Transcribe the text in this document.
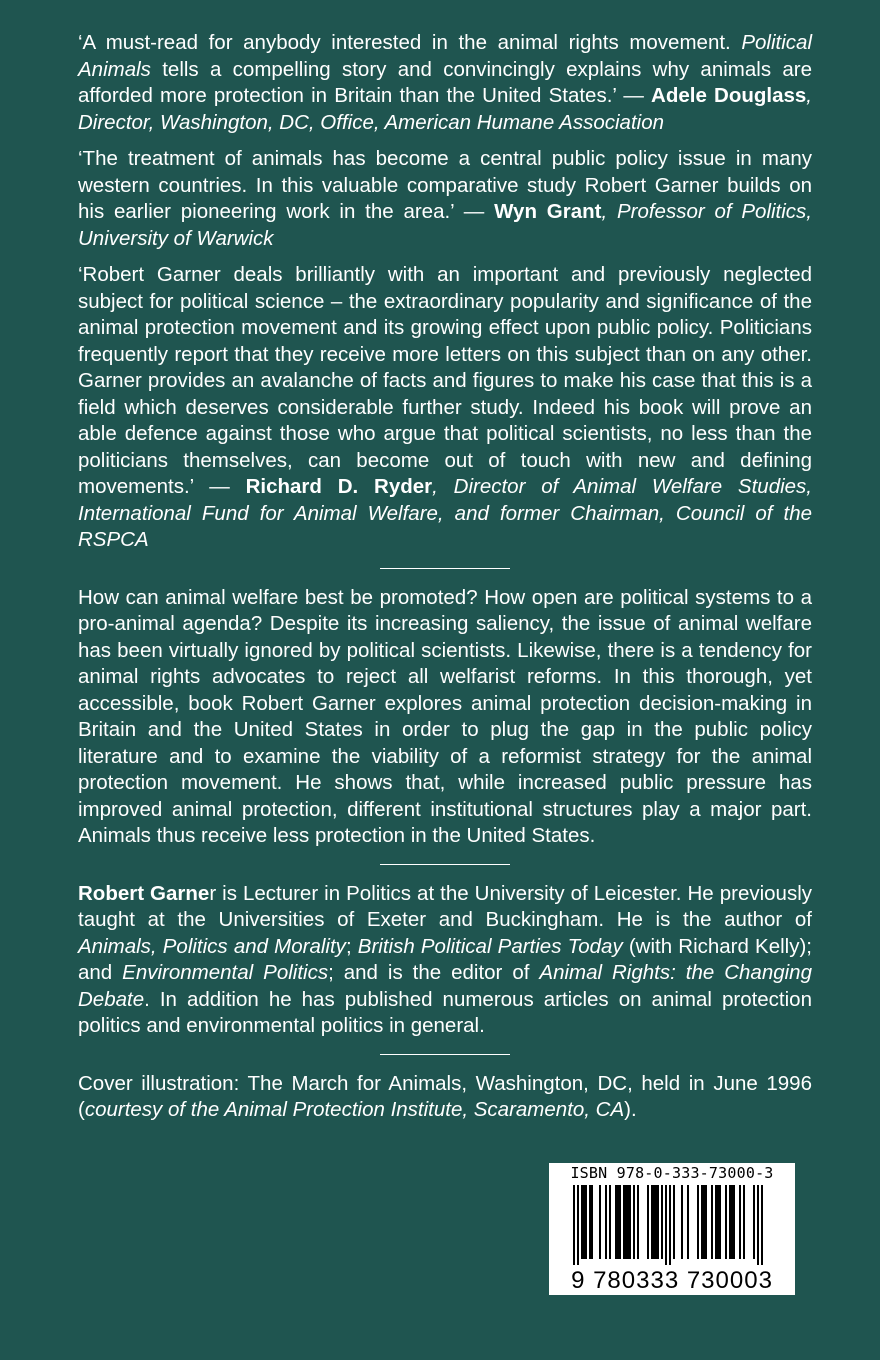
‘A must-read for anybody interested in the animal rights movement. Political Animals tells a compelling story and convincingly explains why animals are afforded more protection in Britain than the United States.’ — Adele Douglass, Director, Washington, DC, Office, American Humane Association

‘The treatment of animals has become a central public policy issue in many western countries. In this valuable comparative study Robert Garner builds on his earlier pioneering work in the area.’ — Wyn Grant, Professor of Politics, University of Warwick

‘Robert Garner deals brilliantly with an important and previously neglected subject for political science – the extraordinary popularity and significance of the animal protection movement and its growing effect upon public policy. Politicians frequently report that they receive more letters on this subject than on any other. Garner provides an avalanche of facts and figures to make his case that this is a field which deserves considerable further study. Indeed his book will prove an able defence against those who argue that political scientists, no less than the politicians themselves, can become out of touch with new and defining movements.’ — Richard D. Ryder, Director of Animal Welfare Studies, International Fund for Animal Welfare, and former Chairman, Council of the RSPCA

How can animal welfare best be promoted? How open are political systems to a pro-animal agenda? Despite its increasing saliency, the issue of animal welfare has been virtually ignored by political scientists. Likewise, there is a tendency for animal rights advocates to reject all welfarist reforms. In this thorough, yet accessible, book Robert Garner explores animal protection decision-making in Britain and the United States in order to plug the gap in the public policy literature and to examine the viability of a reformist strategy for the animal protection movement. He shows that, while increased public pressure has improved animal protection, different institutional structures play a major part. Animals thus receive less protection in the United States.

Robert Garner is Lecturer in Politics at the University of Leicester. He previously taught at the Universities of Exeter and Buckingham. He is the author of Animals, Politics and Morality; British Political Parties Today (with Richard Kelly); and Environmental Politics; and is the editor of Animal Rights: the Changing Debate. In addition he has published numerous articles on animal protection politics and environmental politics in general.

Cover illustration: The March for Animals, Washington, DC, held in June 1996 (courtesy of the Animal Protection Institute, Scaramento, CA).

ISBN 978-0-333-73000-3
9 780333 730003
